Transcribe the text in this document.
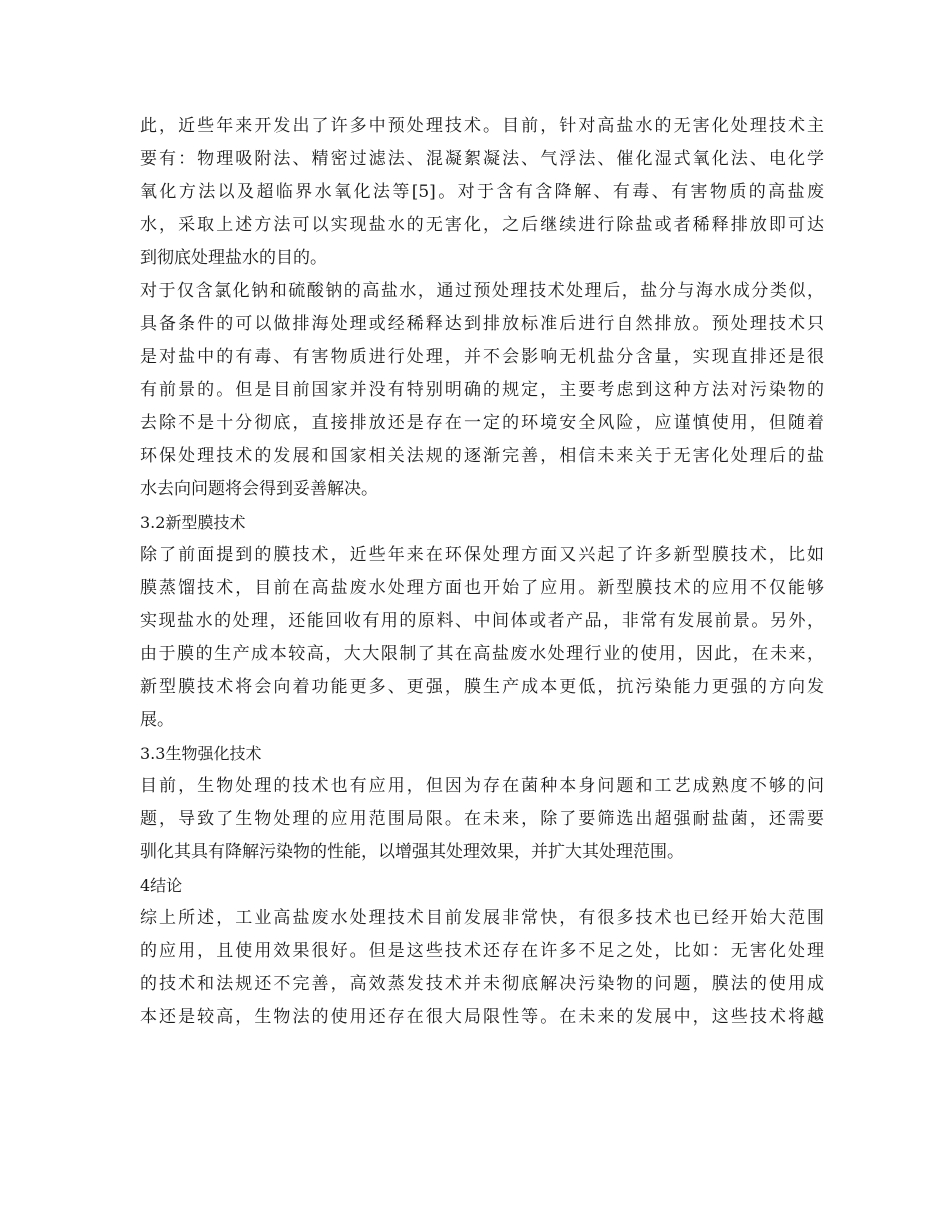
此，近些年来开发出了许多中预处理技术。目前，针对高盐水的无害化处理技术主
要有：物理吸附法、精密过滤法、混凝絮凝法、气浮法、催化湿式氧化法、电化学
氧化方法以及超临界水氧化法等[5]。对于含有含降解、有毒、有害物质的高盐废
水，采取上述方法可以实现盐水的无害化，之后继续进行除盐或者稀释排放即可达
到彻底处理盐水的目的。
对于仅含氯化钠和硫酸钠的高盐水，通过预处理技术处理后，盐分与海水成分类似，
具备条件的可以做排海处理或经稀释达到排放标准后进行自然排放。预处理技术只
是对盐中的有毒、有害物质进行处理，并不会影响无机盐分含量，实现直排还是很
有前景的。但是目前国家并没有特别明确的规定，主要考虑到这种方法对污染物的
去除不是十分彻底，直接排放还是存在一定的环境安全风险，应谨慎使用，但随着
环保处理技术的发展和国家相关法规的逐渐完善，相信未来关于无害化处理后的盐
水去向问题将会得到妥善解决。
3.2新型膜技术
除了前面提到的膜技术，近些年来在环保处理方面又兴起了许多新型膜技术，比如
膜蒸馏技术，目前在高盐废水处理方面也开始了应用。新型膜技术的应用不仅能够
实现盐水的处理，还能回收有用的原料、中间体或者产品，非常有发展前景。另外，
由于膜的生产成本较高，大大限制了其在高盐废水处理行业的使用，因此，在未来，
新型膜技术将会向着功能更多、更强，膜生产成本更低，抗污染能力更强的方向发
展。
3.3生物强化技术
目前，生物处理的技术也有应用，但因为存在菌种本身问题和工艺成熟度不够的问
题，导致了生物处理的应用范围局限。在未来，除了要筛选出超强耐盐菌，还需要
驯化其具有降解污染物的性能，以增强其处理效果，并扩大其处理范围。
4结论
综上所述，工业高盐废水处理技术目前发展非常快，有很多技术也已经开始大范围
的应用，且使用效果很好。但是这些技术还存在许多不足之处，比如：无害化处理
的技术和法规还不完善，高效蒸发技术并未彻底解决污染物的问题，膜法的使用成
本还是较高，生物法的使用还存在很大局限性等。在未来的发展中，这些技术将越
